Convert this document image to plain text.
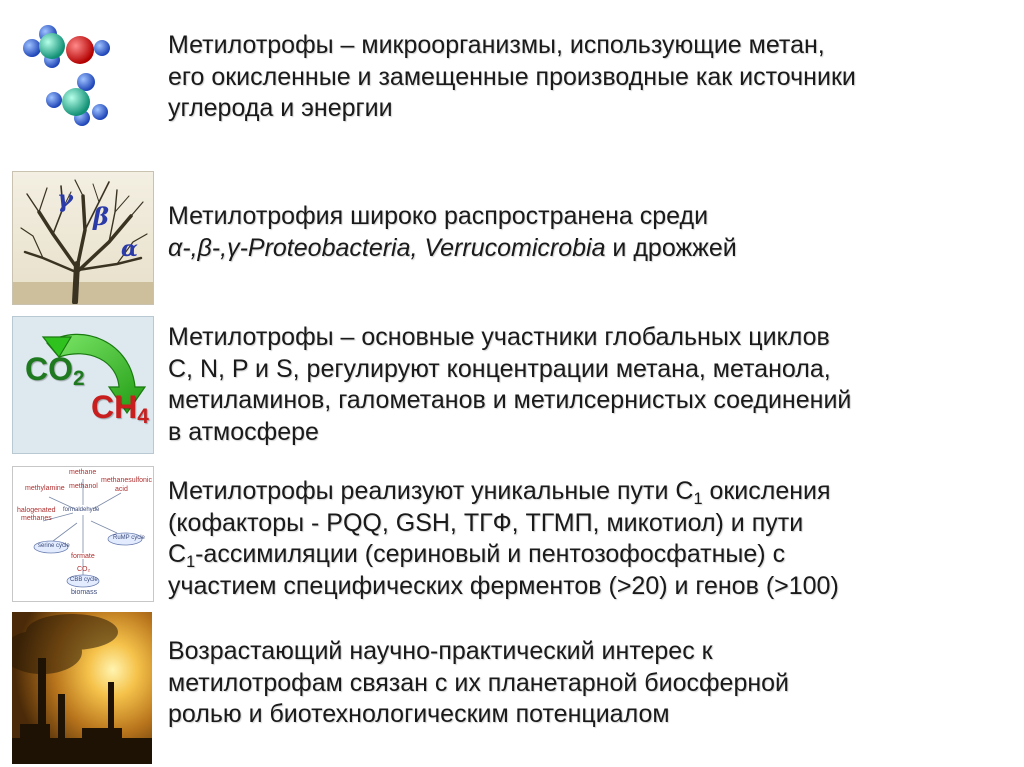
Метилотрофы – микроорганизмы, использующие метан,
его окисленные и замещенные производные как источники
углерода и энергии
γ
β
α
Метилотрофия широко распространена среди
α-,β-,γ-Proteobacteria, Verrucomicrobia и дрожжей
$CO_2$
$CH_4$
Метилотрофы – основные участники глобальных циклов
C, N, P и S, регулируют концентрации метана, метанола,
метиламинов, галометанов и метилсернистых соединений
в атмосфере
methane
methylamine methanol
methanesulfonic
acid
halogenated
methanes
formaldehyde
serine cycle
RuMP cycle
formate
CO₂
CBB cycle
biomass
Метилотрофы реализуют уникальные пути $C_1$ окисления
(кофакторы - PQQ, GSH, ТГФ, ТГМП, микотиол) и пути
$C_1$-ассимиляции (сериновый и пентозофосфатные) с
участием специфических ферментов (>20) и генов (>100)
Возрастающий научно-практический интерес к
метилотрофам связан с их планетарной биосферной
ролью и биотехнологическим потенциалом
